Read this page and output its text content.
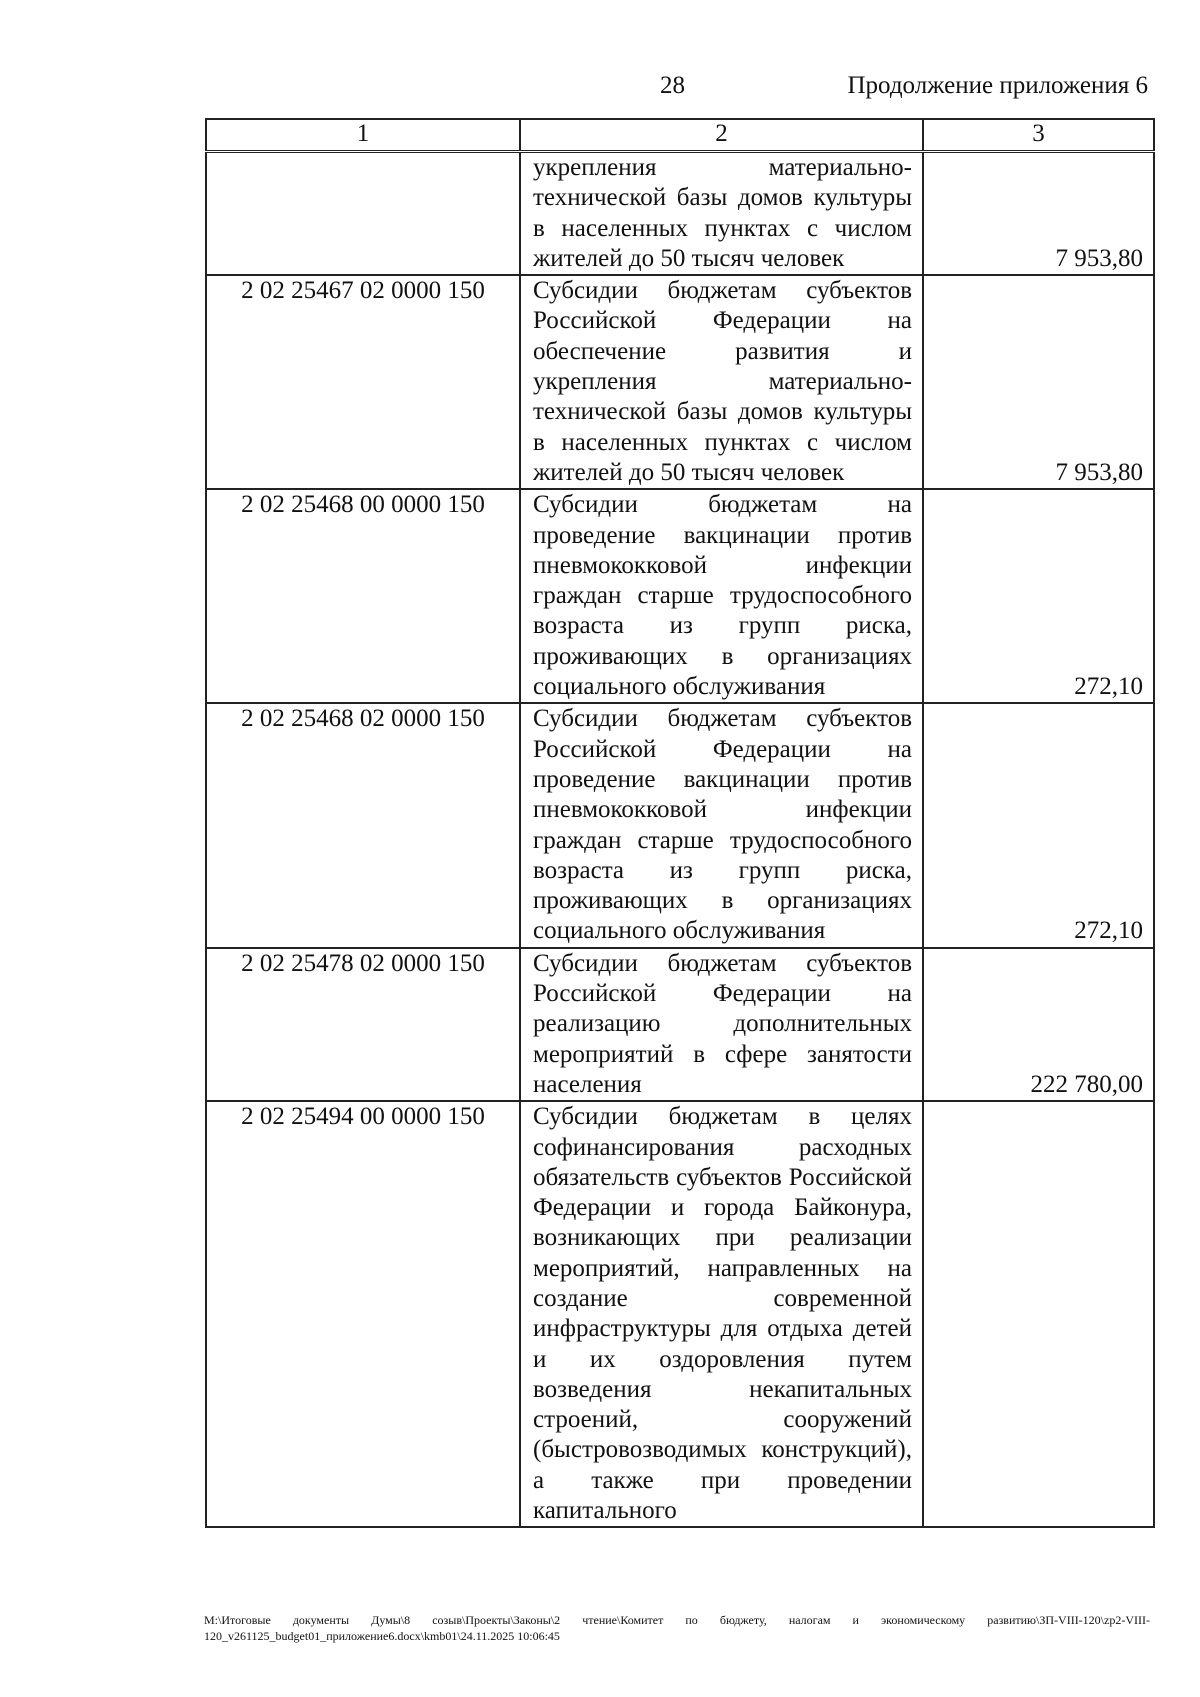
28	Продолжение приложения 6
1	2	3

	укрепления материально-технической базы домов культуры в населенных пунктах с числом жителей до 50 тысяч человек	7 953,80

2 02 25467 02 0000 150	Субсидии бюджетам субъектов Российской Федерации на обеспечение развития и укрепления материально-технической базы домов культуры в населенных пунктах с числом жителей до 50 тысяч человек	7 953,80

2 02 25468 00 0000 150	Субсидии бюджетам на проведение вакцинации против пневмококковой инфекции граждан старше трудоспособного возраста из групп риска, проживающих в организациях социального обслуживания	272,10

2 02 25468 02 0000 150	Субсидии бюджетам субъектов Российской Федерации на проведение вакцинации против пневмококковой инфекции граждан старше трудоспособного возраста из групп риска, проживающих в организациях социального обслуживания	272,10

2 02 25478 02 0000 150	Субсидии бюджетам субъектов Российской Федерации на реализацию дополнительных мероприятий в сфере занятости населения	222 780,00

2 02 25494 00 0000 150	Субсидии бюджетам в целях софинансирования расходных обязательств субъектов Российской Федерации и города Байконура, возникающих при реализации мероприятий, направленных на создание современной инфраструктуры для отдыха детей и их оздоровления путем возведения некапитальных строений, сооружений (быстровозводимых конструкций), а также при проведении капитального	

М:\Итоговые документы Думы\8 созыв\Проекты\Законы\2 чтение\Комитет по бюджету, налогам и экономическому развитию\ЗП-VIII-120\zp2-VIII-120_v261125_budget01_приложение6.docx\kmb01\24.11.2025 10:06:45
